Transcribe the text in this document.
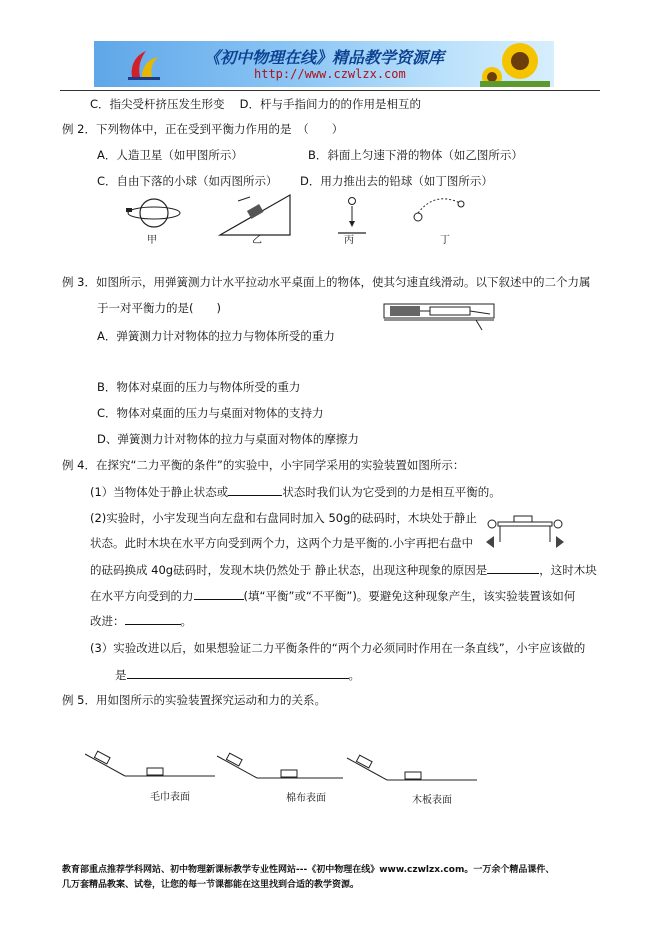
《初中物理在线》精品教学资源库
http://www.czwlzx.com
C．指尖受杆挤压发生形变　 D．杆与手指间力的的作用是相互的
例 2．下列物体中，正在受到平衡力作用的是　（　　）
A．人造卫星（如甲图所示）	B．斜面上匀速下滑的物体（如乙图所示）
C．自由下落的小球（如丙图所示） D．用力推出去的铅球（如丁图所示）
甲	乙	丙	丁
例 3．如图所示，用弹簧测力计水平拉动水平桌面上的物体，使其匀速直线滑动。以下叙述中的二个力属
于一对平衡力的是(　　)
A．弹簧测力计对物体的拉力与物体所受的重力
B．物体对桌面的压力与物体所受的重力
C．物体对桌面的压力与桌面对物体的支持力
D、弹簧测力计对物体的拉力与桌面对物体的摩擦力
例 4．在探究“二力平衡的条件”的实验中，小宇同学采用的实验装置如图所示：
(1）当物体处于静止状态或	状态时我们认为它受到的力是相互平衡的。
(2)实验时，小宇发现当向左盘和右盘同时加入 50g的砝码时，木块处于静止
状态。此时木块在水平方向受到两个力，这两个力是平衡的.小宇再把右盘中
的砝码换成 40g砝码时，发现木块仍然处于 静止状态，出现这种现象的原因是	，这时木块
在水平方向受到的力	(填“平衡”或“不平衡”)。要避免这种现象产生，该实验装置该如何
改进：	。
(3）实验改进以后，如果想验证二力平衡条件的“两个力必须同时作用在一条直线”，小宇应该做的
是	。
例 5．用如图所示的实验装置探究运动和力的关系。
毛巾表面	棉布表面	木板表面
教育部重点推荐学科网站、初中物理新课标教学专业性网站---《初中物理在线》www.czwlzx.com。一万余个精品课件、
几万套精品教案、试卷，让您的每一节课都能在这里找到合适的教学资源。
